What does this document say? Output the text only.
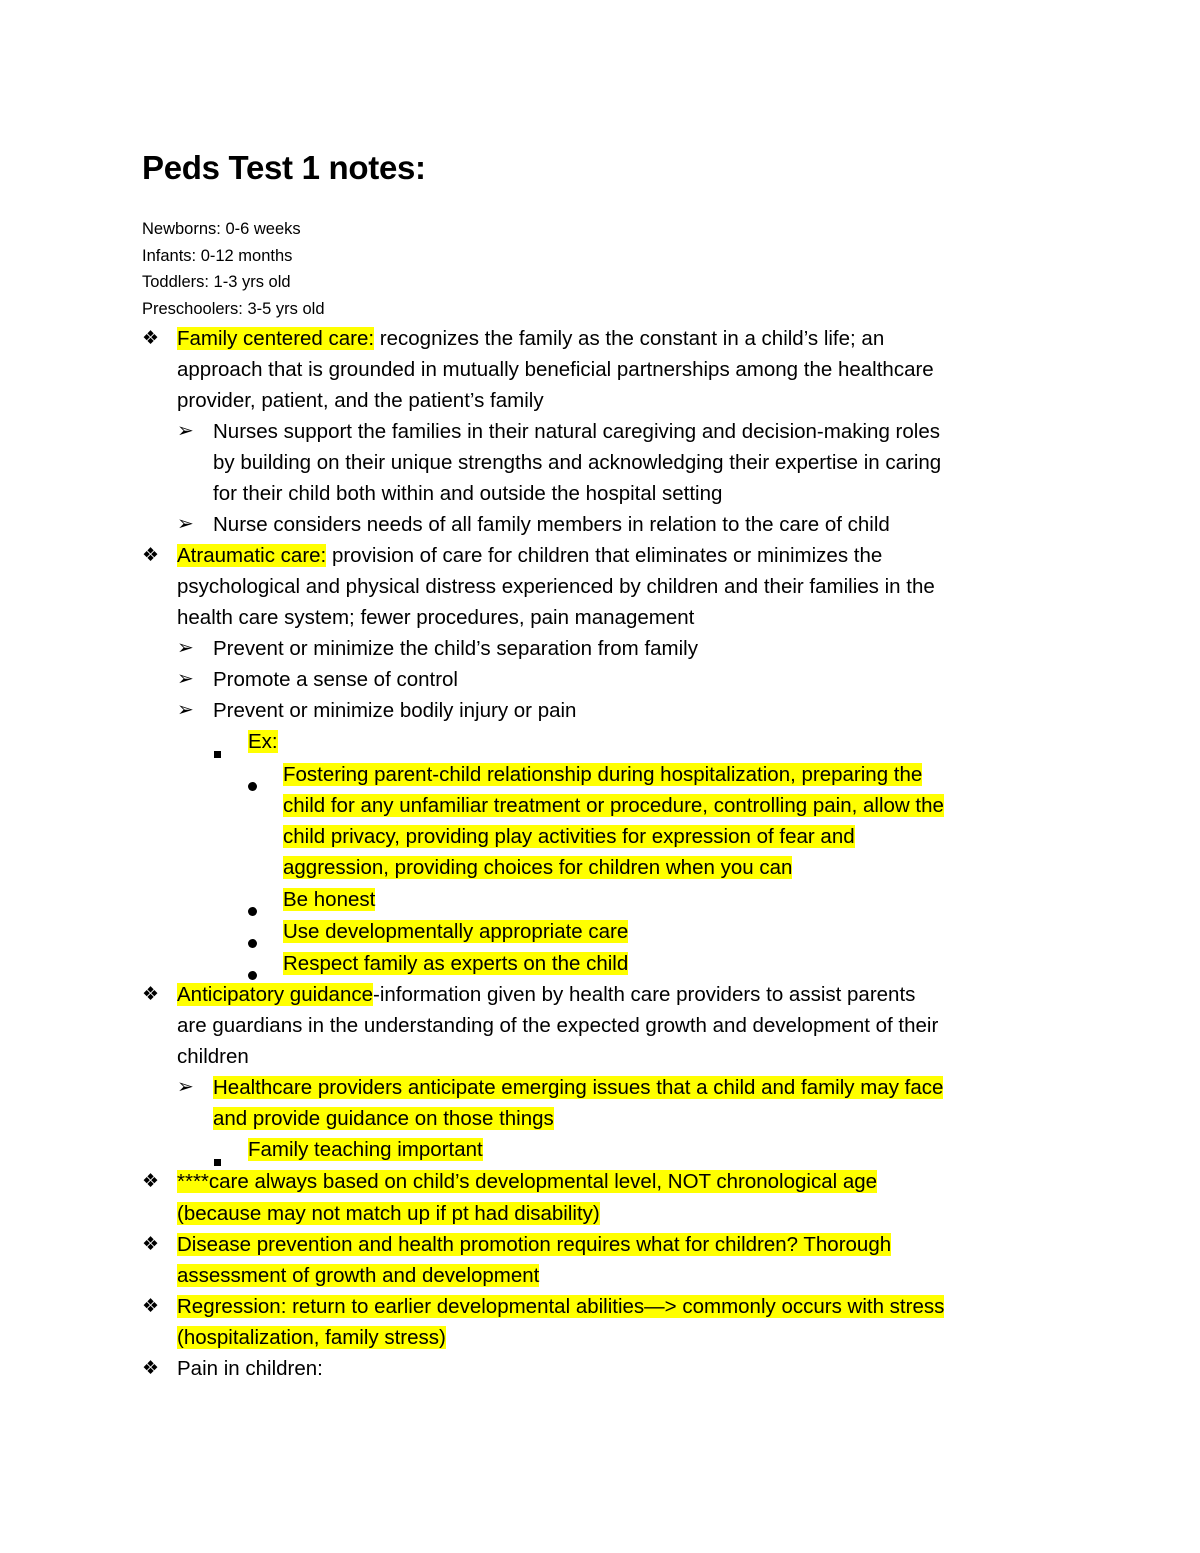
Peds Test 1 notes:
Newborns: 0-6 weeks
Infants: 0-12 months
Toddlers: 1-3 yrs old
Preschoolers: 3-5 yrs old
❖ Family centered care: recognizes the family as the constant in a child’s life; an
approach that is grounded in mutually beneficial partnerships among the healthcare
provider, patient, and the patient’s family
➢ Nurses support the families in their natural caregiving and decision-making roles
by building on their unique strengths and acknowledging their expertise in caring
for their child both within and outside the hospital setting
➢ Nurse considers needs of all family members in relation to the care of child
❖ Atraumatic care: provision of care for children that eliminates or minimizes the
psychological and physical distress experienced by children and their families in the
health care system; fewer procedures, pain management
➢ Prevent or minimize the child’s separation from family
➢ Promote a sense of control
➢ Prevent or minimize bodily injury or pain
Ex:
Fostering parent-child relationship during hospitalization, preparing the
child for any unfamiliar treatment or procedure, controlling pain, allow the
child privacy, providing play activities for expression of fear and
aggression, providing choices for children when you can
Be honest
Use developmentally appropriate care
Respect family as experts on the child
❖ Anticipatory guidance-information given by health care providers to assist parents
are guardians in the understanding of the expected growth and development of their
children
➢ Healthcare providers anticipate emerging issues that a child and family may face
and provide guidance on those things
Family teaching important
❖ ****care always based on child’s developmental level, NOT chronological age
(because may not match up if pt had disability)
❖ Disease prevention and health promotion requires what for children? Thorough
assessment of growth and development
❖ Regression: return to earlier developmental abilities—> commonly occurs with stress
(hospitalization, family stress)
❖ Pain in children:
